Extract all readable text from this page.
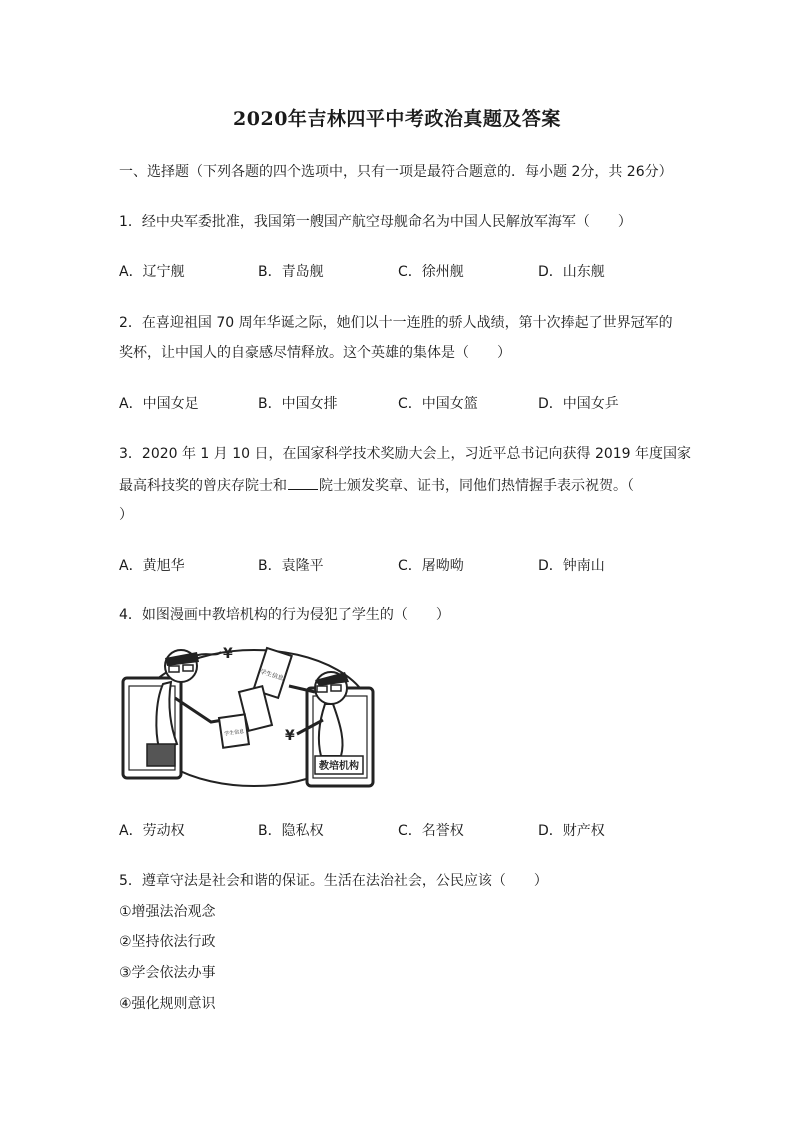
2020年吉林四平中考政治真题及答案
一、选择题（下列各题的四个选项中，只有一项是最符合题意的．每小题 2分，共 26分）
1．经中央军委批准，我国第一艘国产航空母舰命名为中国人民解放军海军（　　）
A．辽宁舰	B．青岛舰	C．徐州舰	D．山东舰
2．在喜迎祖国 70 周年华诞之际，她们以十一连胜的骄人战绩，第十次捧起了世界冠军的
奖杯，让中国人的自豪感尽情释放。这个英雄的集体是（　　）
A．中国女足	B．中国女排	C．中国女篮	D．中国女乒
3．2020 年 1 月 10 日，在国家科学技术奖励大会上，习近平总书记向获得 2019 年度国家
最高科技奖的曾庆存院士和 院士颁发奖章、证书，同他们热情握手表示祝贺。（
）
A．黄旭华	B．袁隆平	C．屠呦呦	D．钟南山
4．如图漫画中教培机构的行为侵犯了学生的（　　）
¥
¥
学生信息
学生信息
教培机构
A．劳动权	B．隐私权	C．名誉权	D．财产权
5．遵章守法是社会和谐的保证。生活在法治社会，公民应该（　　）
①增强法治观念
②坚持依法行政
③学会依法办事
④强化规则意识
